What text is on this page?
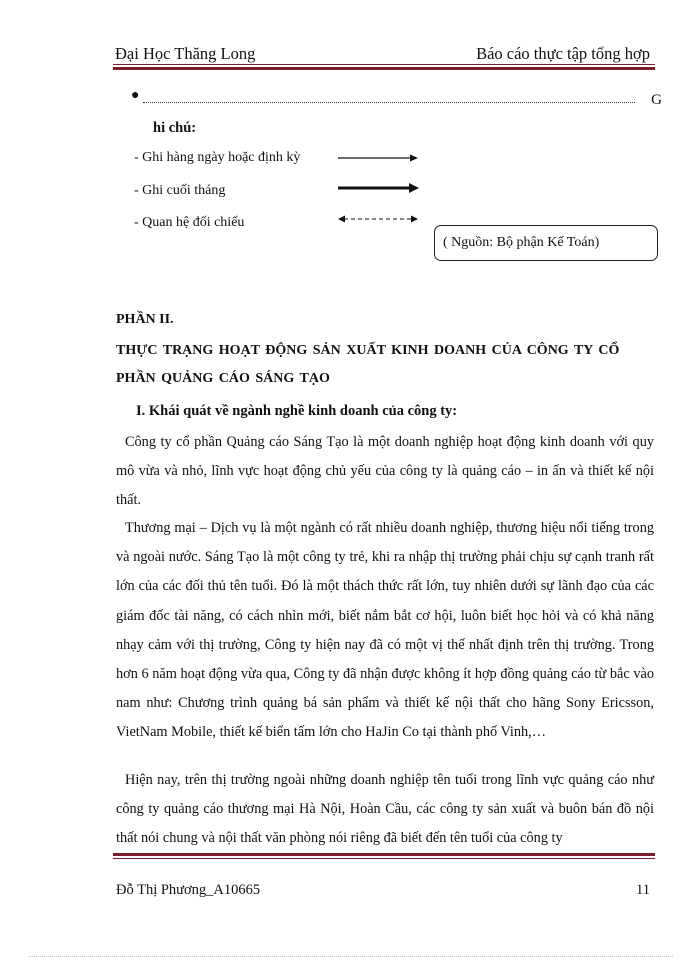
Đại Học Thăng Long	Báo cáo thực tập tổng hợp
●	G
hi chú:
- Ghi hàng ngày hoặc định kỳ
- Ghi cuối tháng
- Quan hệ đối chiếu
( Nguồn: Bộ phận Kế Toán)
PHẦN II.
THỰC TRẠNG HOẠT ĐỘNG SẢN XUẤT KINH DOANH CỦA CÔNG TY CỔ
PHẦN QUẢNG CÁO SÁNG TẠO
I. Khái quát về ngành nghề kinh doanh của công ty:
Công ty cổ phần Quảng cáo Sáng Tạo là một doanh nghiệp hoạt động kinh doanh với quy mô vừa và nhỏ, lĩnh vực hoạt động chủ yếu của công ty là quảng cáo – in ấn và thiết kế nội thất.
Thương mại – Dịch vụ là một ngành có rất nhiều doanh nghiệp, thương hiệu nổi tiếng trong và ngoài nước. Sáng Tạo là một công ty trẻ, khi ra nhập thị trường phải chịu sự cạnh tranh rất lớn của các đối thủ tên tuổi. Đó là một thách thức rất lớn, tuy nhiên dưới sự lãnh đạo của các giám đốc tài năng, có cách nhìn mới, biết nắm bắt cơ hội, luôn biết học hỏi và có khả năng nhạy cảm với thị trường, Công ty hiện nay đã có một vị thế nhất định trên thị trường. Trong hơn 6 năm hoạt động vừa qua, Công ty đã nhận được không ít hợp đồng quảng cáo từ bắc vào nam như: Chương trình quảng bá sản phẩm và thiết kế nội thất cho hãng Sony Ericsson, VietNam Mobile, thiết kế biển tấm lớn cho HaJin Co tại thành phố Vinh,…
Hiện nay, trên thị trường ngoài những doanh nghiệp tên tuổi trong lĩnh vực quảng cáo như công ty quảng cáo thương mại Hà Nội, Hoàn Cầu, các công ty sản xuất và buôn bán đồ nội thất nói chung và nội thất văn phòng nói riêng đã biết đến tên tuổi của công ty
Đỗ Thị Phương_A10665	11
